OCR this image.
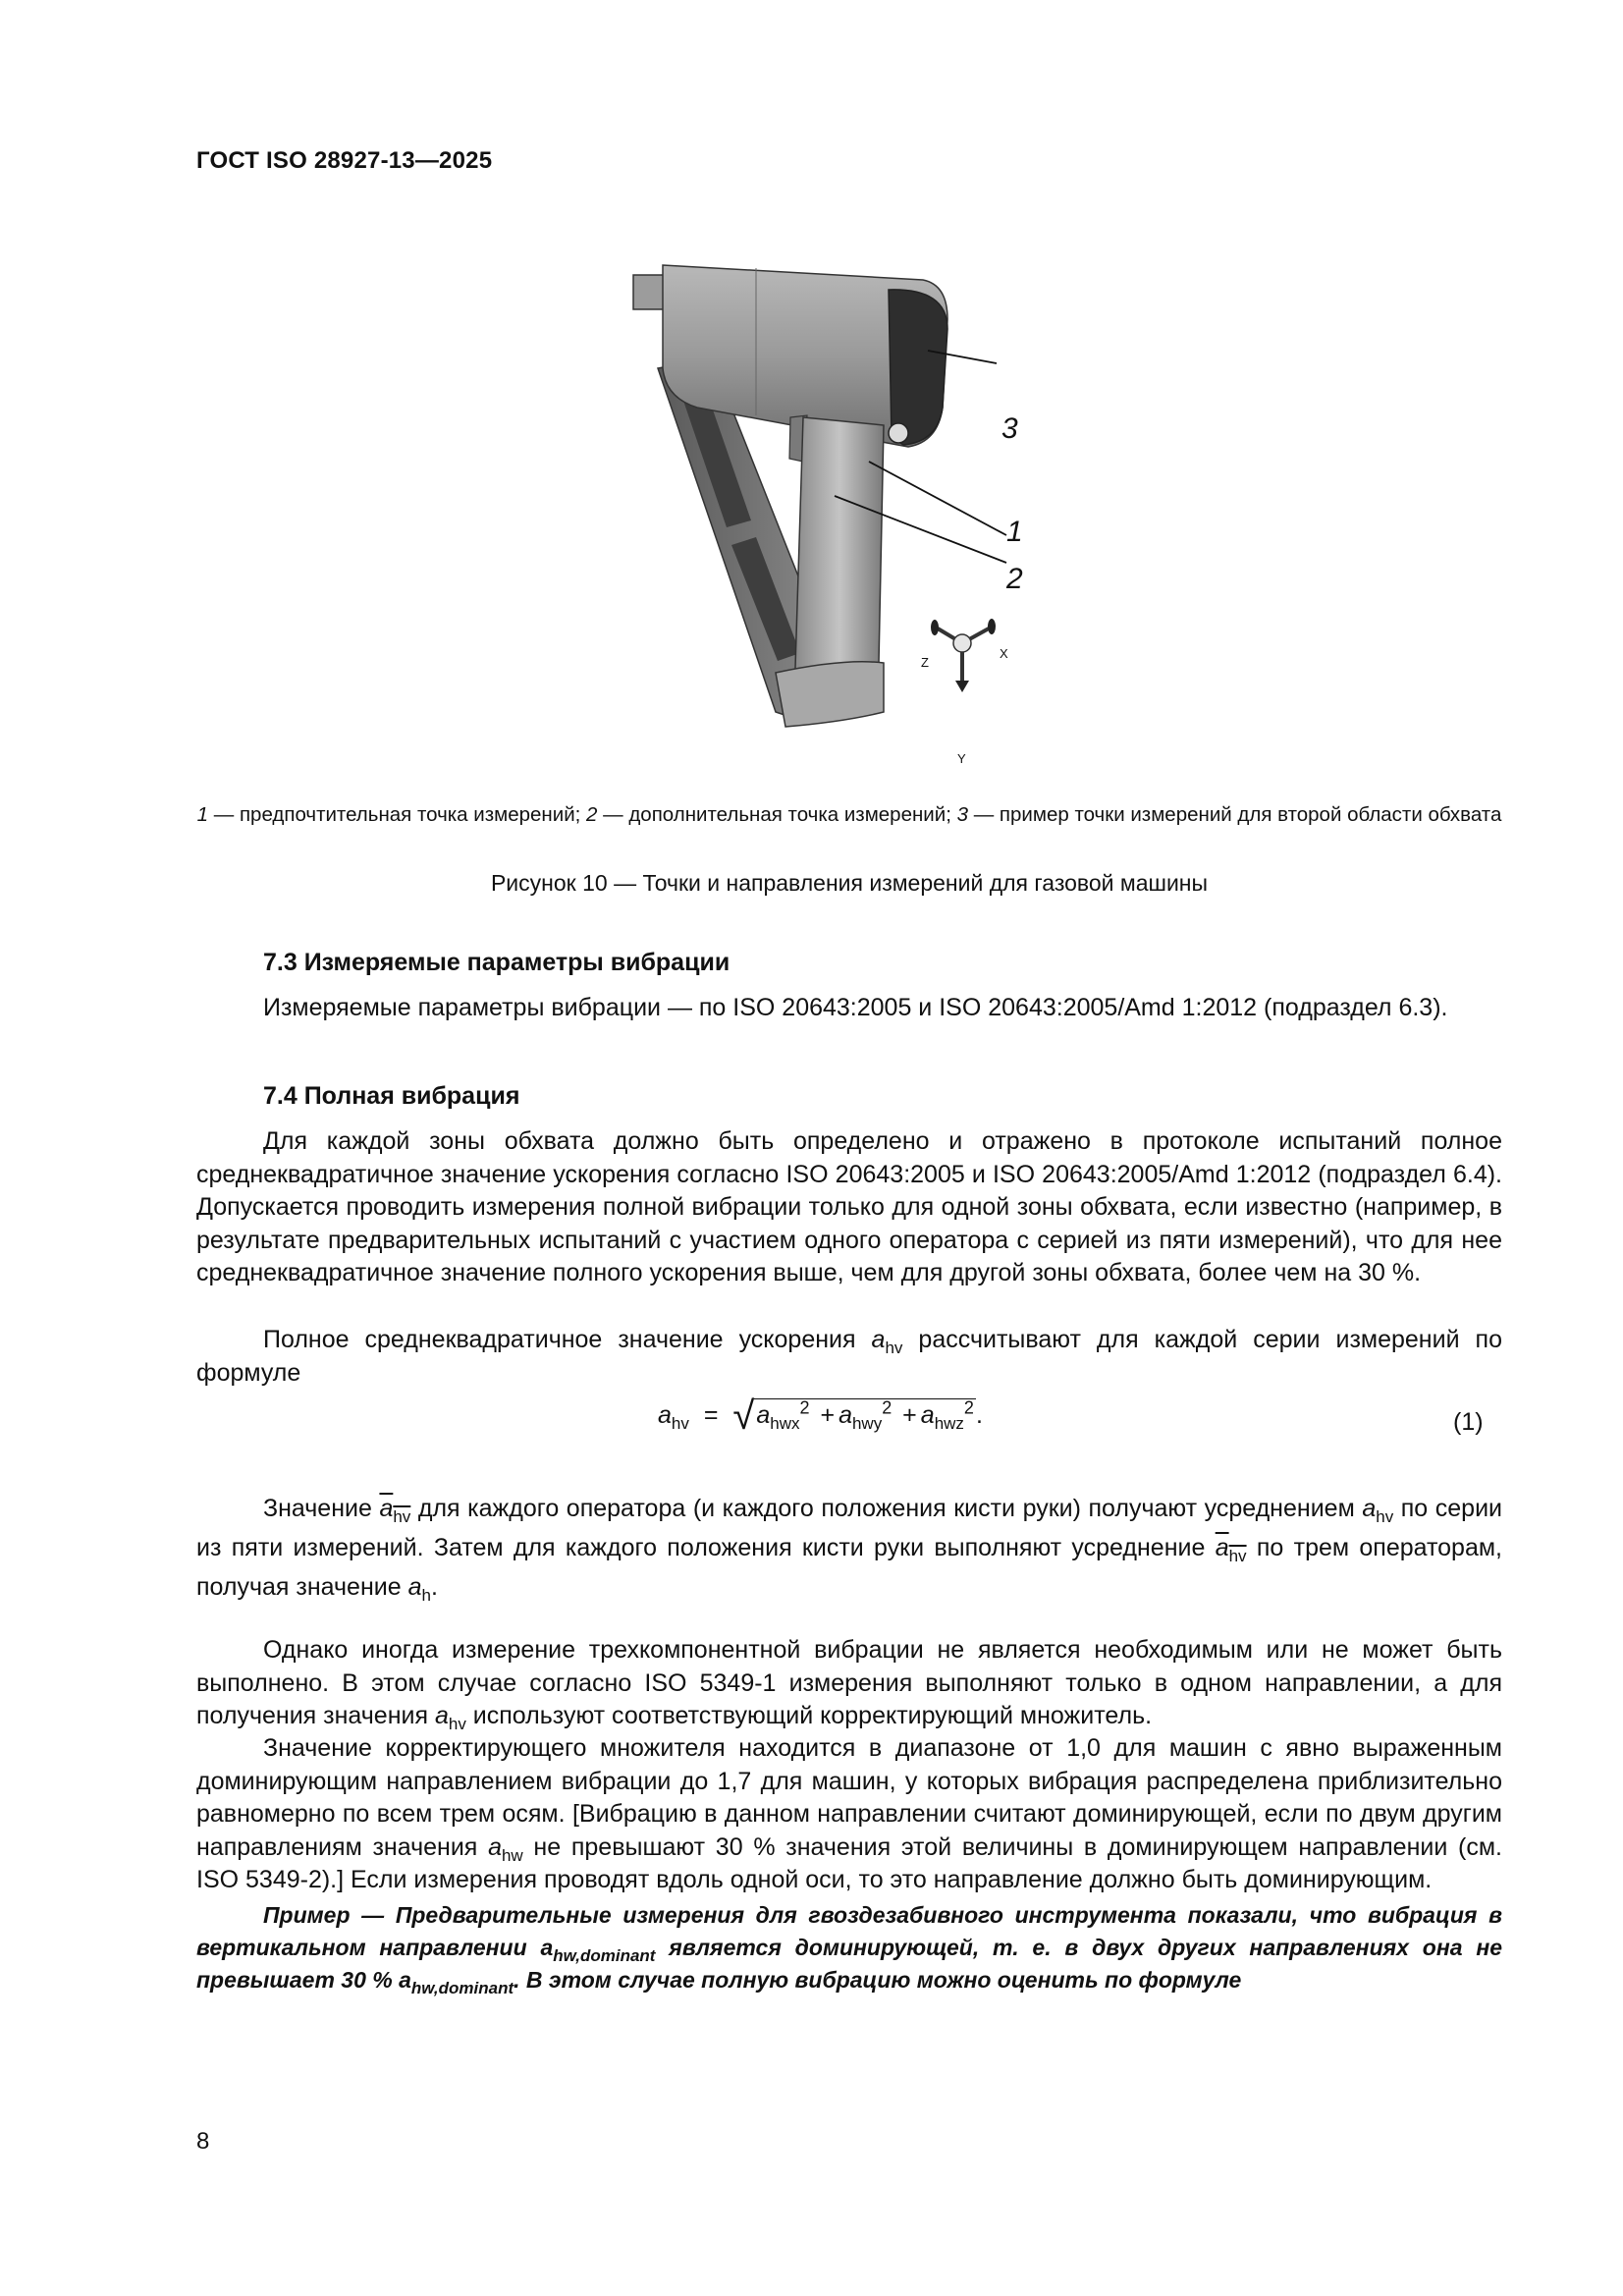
ГОСТ ISO 28927-13—2025
3
1
2
Z
X
Y
1 — предпочтительная точка измерений; 2 — дополнительная точка измерений; 3 — пример точки измерений для второй области обхвата
Рисунок 10 — Точки и направления измерений для газовой машины
7.3 Измеряемые параметры вибрации
Измеряемые параметры вибрации — по ISO 20643:2005 и ISO 20643:2005/Amd 1:2012 (подраздел 6.3).
7.4 Полная вибрация
Для каждой зоны обхвата должно быть определено и отражено в протоколе испытаний полное среднеквадратичное значение ускорения согласно ISO 20643:2005 и ISO 20643:2005/Amd 1:2012 (подраздел 6.4). Допускается проводить измерения полной вибрации только для одной зоны обхвата, если известно (например, в результате предварительных испытаний с участием одного оператора с серией из пяти измерений), что для нее среднеквадратичное значение полного ускорения выше, чем для другой зоны обхвата, более чем на 30 %.
Полное среднеквадратичное значение ускорения $a_{hv}$ рассчитывают для каждой серии измерений по формуле
$a_{hv} = √a_{hwx}^2 + a_{hwy}^2 + a_{hwz}^2$.	(1)
Значение $a_{hv}$ для каждого оператора (и каждого положения кисти руки) получают усреднением $a_{hv}$ по серии из пяти измерений. Затем для каждого положения кисти руки выполняют усреднение $a_{hv}$ по трем операторам, получая значение $a_h$.
Однако иногда измерение трехкомпонентной вибрации не является необходимым или не может быть выполнено. В этом случае согласно ISO 5349-1 измерения выполняют только в одном направлении, а для получения значения $a_{hv}$ используют соответствующий корректирующий множитель.
Значение корректирующего множителя находится в диапазоне от 1,0 для машин с явно выраженным доминирующим направлением вибрации до 1,7 для машин, у которых вибрация распределена приблизительно равномерно по всем трем осям. [Вибрацию в данном направлении считают доминирующей, если по двум другим направлениям значения $a_{hw}$ не превышают 30 % значения этой величины в доминирующем направлении (см. ISO 5349-2).] Если измерения проводят вдоль одной оси, то это направление должно быть доминирующим.
Пример — Предварительные измерения для гвоздезабивного инструмента показали, что вибрация в вертикальном направлении $a_{hw,dominant}$ является доминирующей, т. е. в двух других направлениях она не превышает 30 % $a_{hw,dominant}$. В этом случае полную вибрацию можно оценить по формуле
8
